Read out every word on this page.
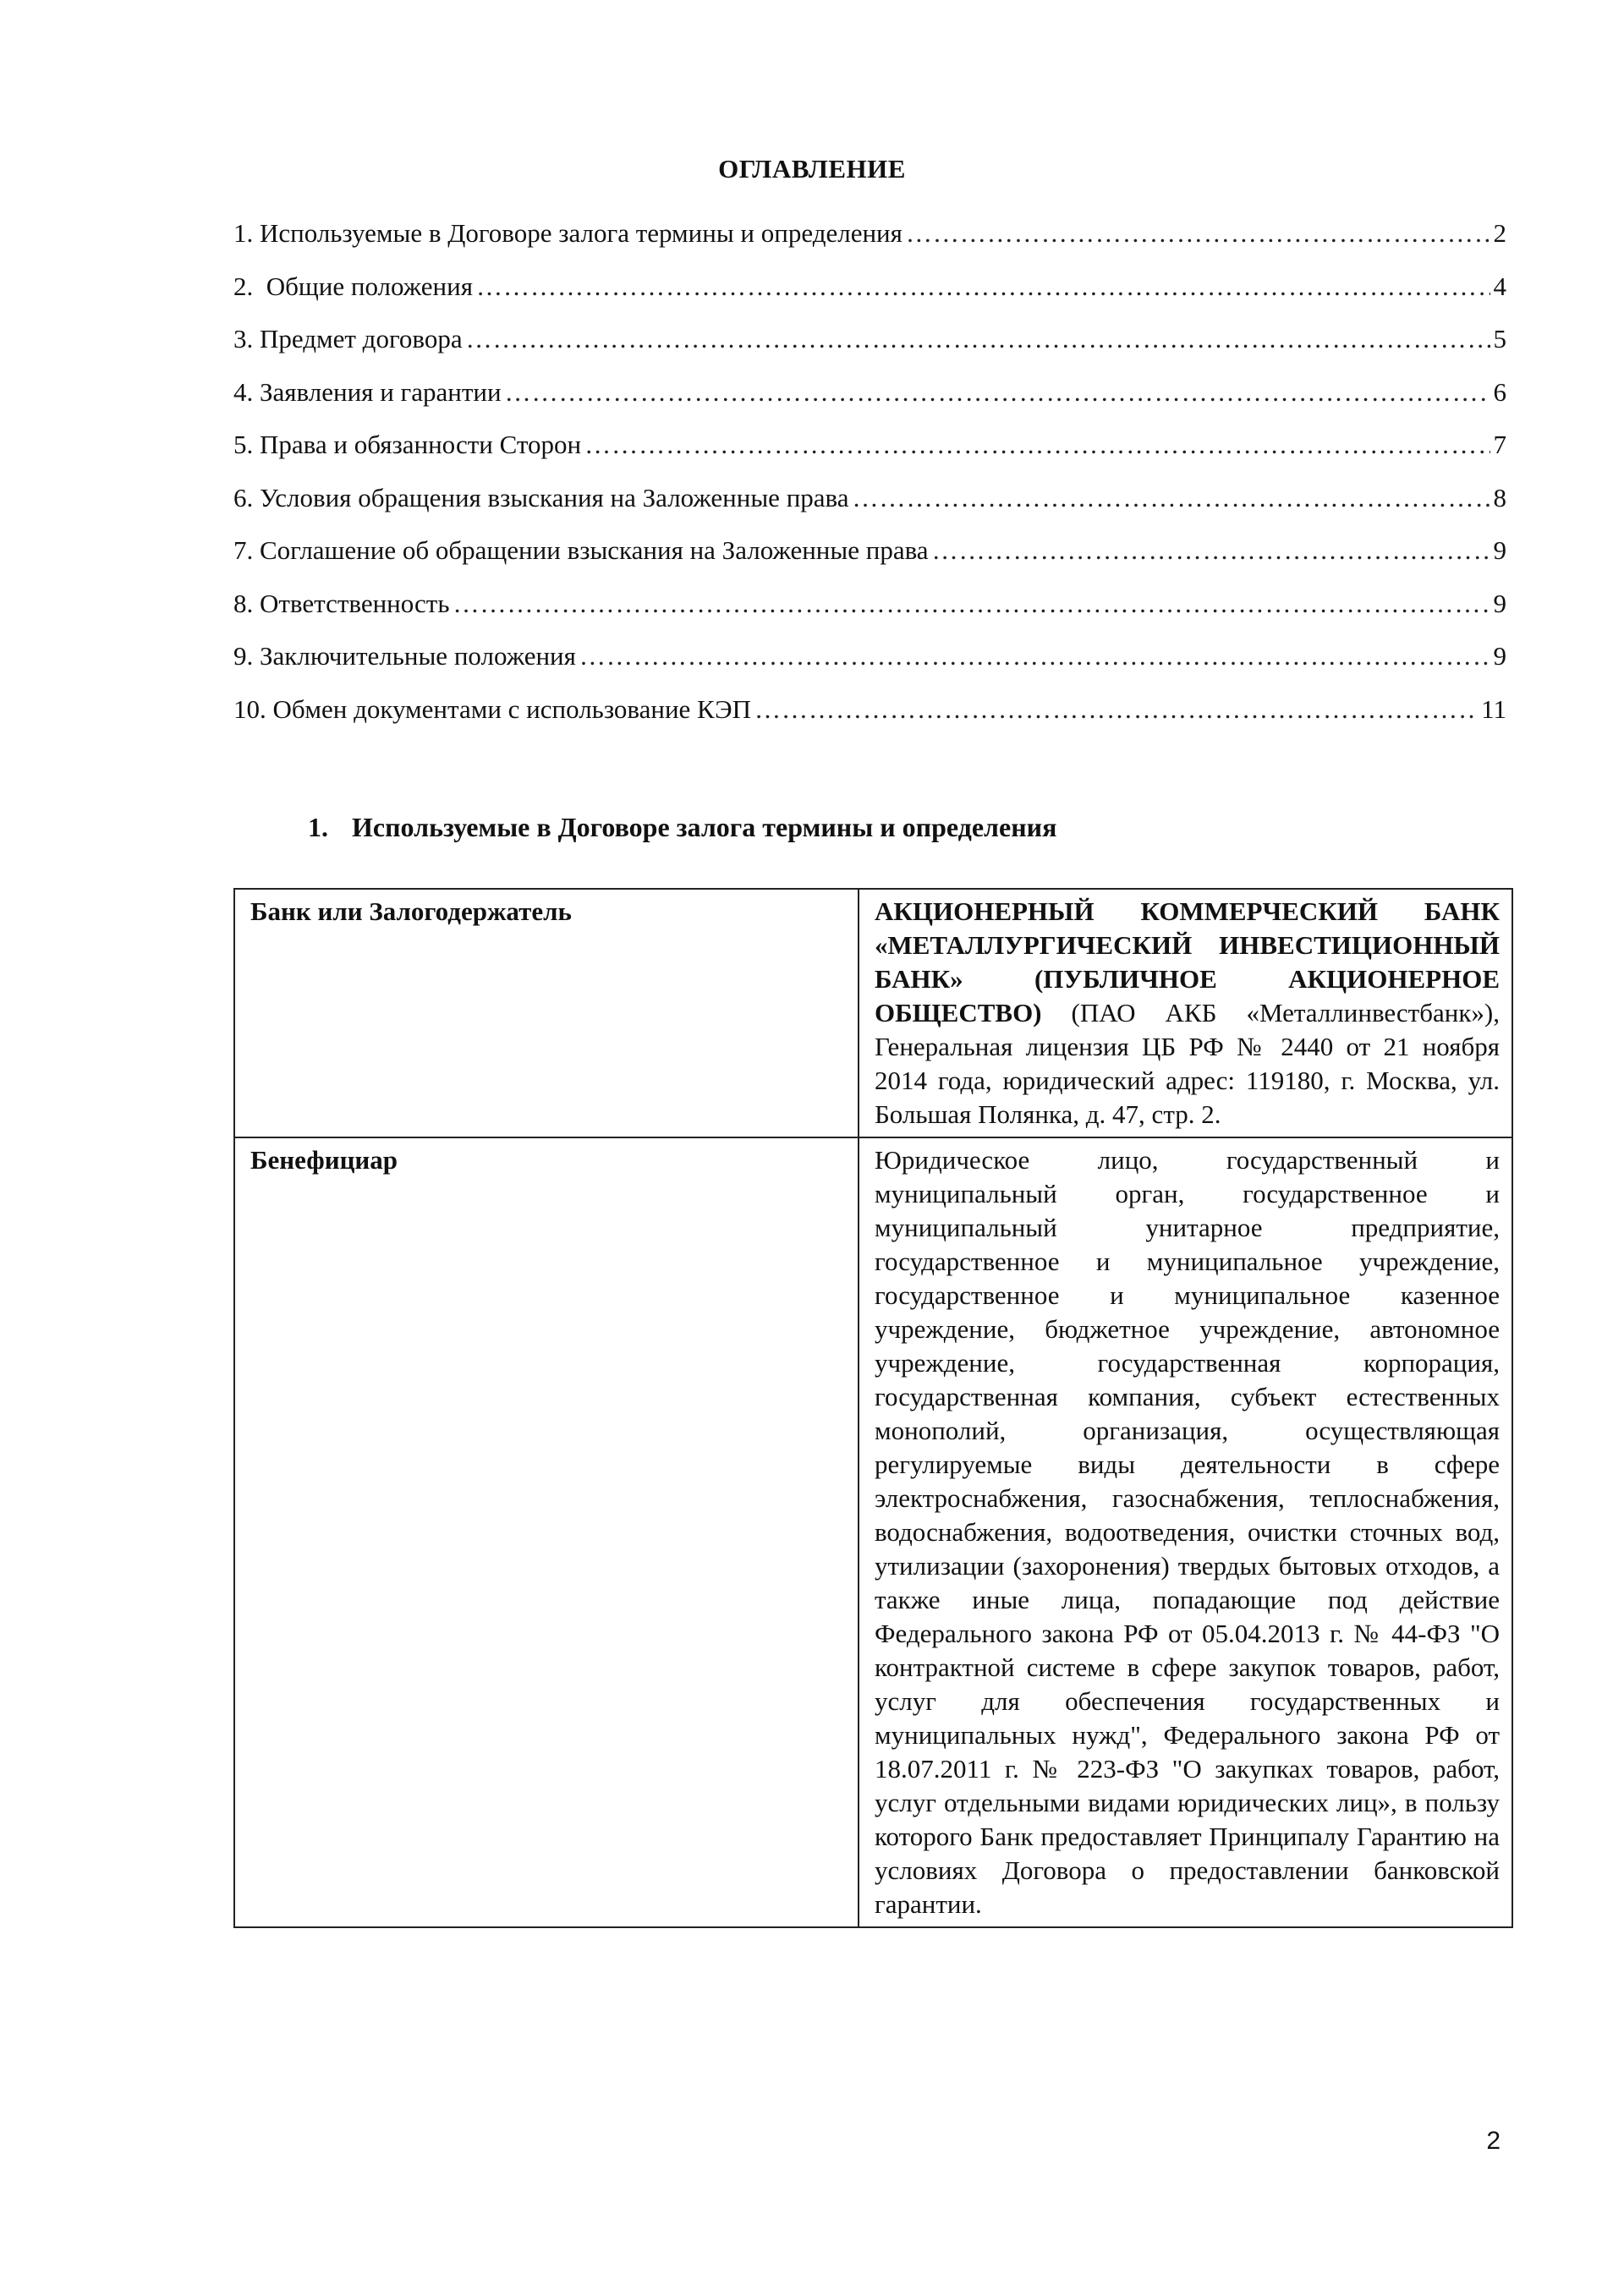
ОГЛАВЛЕНИЕ
1. Используемые в Договоре залога термины и определения ……………………………………………………………………………………………………………………………………………………………………	2
2.  Общие положения ……………………………………………………………………………………………………………………………………………………………………	4
3. Предмет договора ……………………………………………………………………………………………………………………………………………………………………	5
4. Заявления и гарантии ……………………………………………………………………………………………………………………………………………………………………	6
5. Права и обязанности Сторон ……………………………………………………………………………………………………………………………………………………………………	7
6. Условия обращения взыскания на Заложенные права ……………………………………………………………………………………………………………………………………………………………………	8
7. Соглашение об обращении взыскания на Заложенные права ……………………………………………………………………………………………………………………………………………………………………	9
8. Ответственность ……………………………………………………………………………………………………………………………………………………………………	9
9. Заключительные положения ……………………………………………………………………………………………………………………………………………………………………	9
10. Обмен документами с использование КЭП ……………………………………………………………………………………………………………………………………………………………………	11
1. Используемые в Договоре залога термины и определения
Банк или Залогодержатель	АКЦИОНЕРНЫЙ КОММЕРЧЕСКИЙ БАНК «МЕТАЛЛУРГИЧЕСКИЙ ИНВЕСТИЦИОННЫЙ БАНК» (ПУБЛИЧНОЕ АКЦИОНЕРНОЕ ОБЩЕСТВО) (ПАО АКБ «Металлинвестбанк»), Генеральная лицензия ЦБ РФ № 2440 от 21 ноября 2014 года, юридический адрес: 119180, г. Москва, ул. Большая Полянка, д. 47, стр. 2.
Бенефициар	Юридическое лицо, государственный и муниципальный орган, государственное и муниципальный унитарное предприятие, государственное и муниципальное учреждение, государственное и муниципальное казенное учреждение, бюджетное учреждение, автономное учреждение, государственная корпорация, государственная компания, субъект естественных монополий, организация, осуществляющая регулируемые виды деятельности в сфере электроснабжения, газоснабжения, теплоснабжения, водоснабжения, водоотведения, очистки сточных вод, утилизации (захоронения) твердых бытовых отходов, а также иные лица, попадающие под действие Федерального закона РФ от 05.04.2013 г. № 44-ФЗ "О контрактной системе в сфере закупок товаров, работ, услуг для обеспечения государственных и муниципальных нужд", Федерального закона РФ от 18.07.2011 г. № 223-ФЗ "О закупках товаров, работ, услуг отдельными видами юридических лиц», в пользу которого Банк предоставляет Принципалу Гарантию на условиях Договора о предоставлении банковской гарантии.
2
